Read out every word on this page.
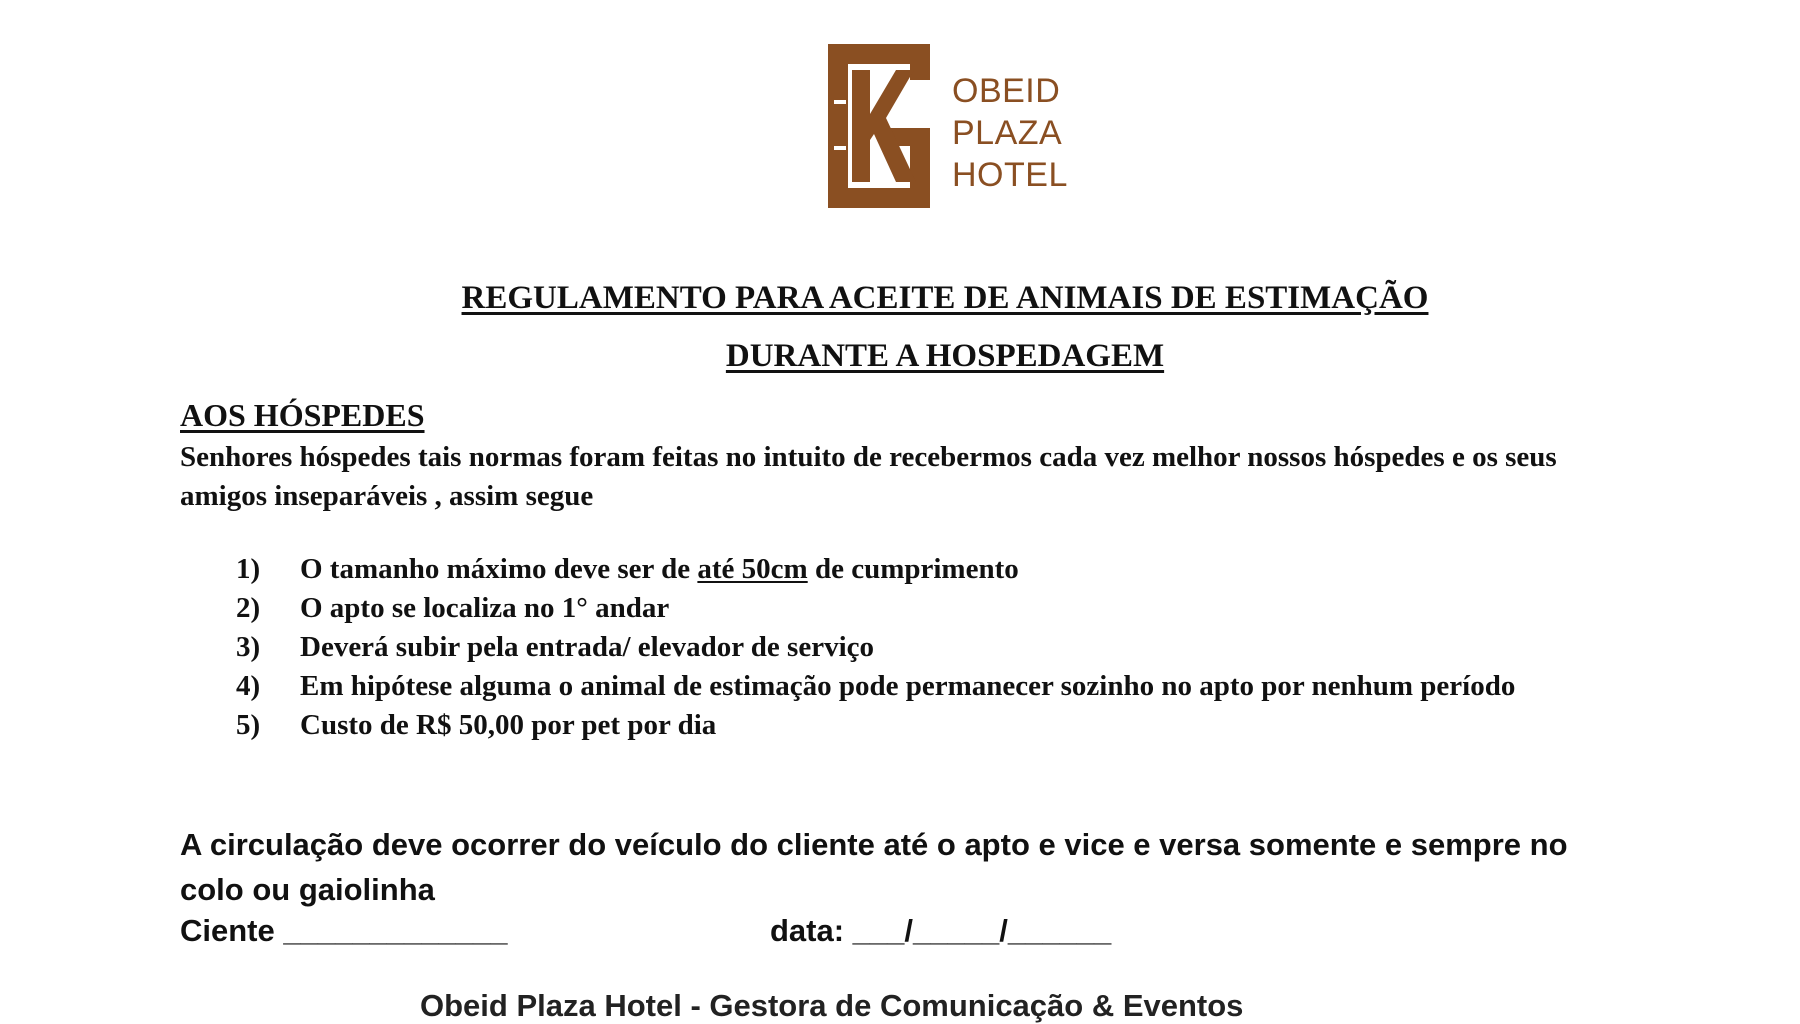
OBEID
PLAZA
HOTEL
REGULAMENTO PARA ACEITE DE ANIMAIS DE ESTIMAÇÃO
DURANTE A HOSPEDAGEM
AOS HÓSPEDES
Senhores hóspedes tais normas foram feitas no intuito de recebermos cada vez melhor nossos hóspedes e os seus amigos inseparáveis , assim segue
1)	O tamanho máximo deve ser de até 50cm de cumprimento
2)	O apto se localiza no 1° andar
3)	Deverá subir pela entrada/ elevador de serviço
4)	Em hipótese alguma o animal de estimação pode permanecer sozinho no apto por nenhum período
5)	Custo de R$ 50,00 por pet por dia
A circulação deve ocorrer do veículo do cliente até o apto e vice e versa somente e sempre no colo ou gaiolinha
Ciente _____________	data: ___/_____/______
Obeid Plaza Hotel - Gestora de Comunicação & Eventos
